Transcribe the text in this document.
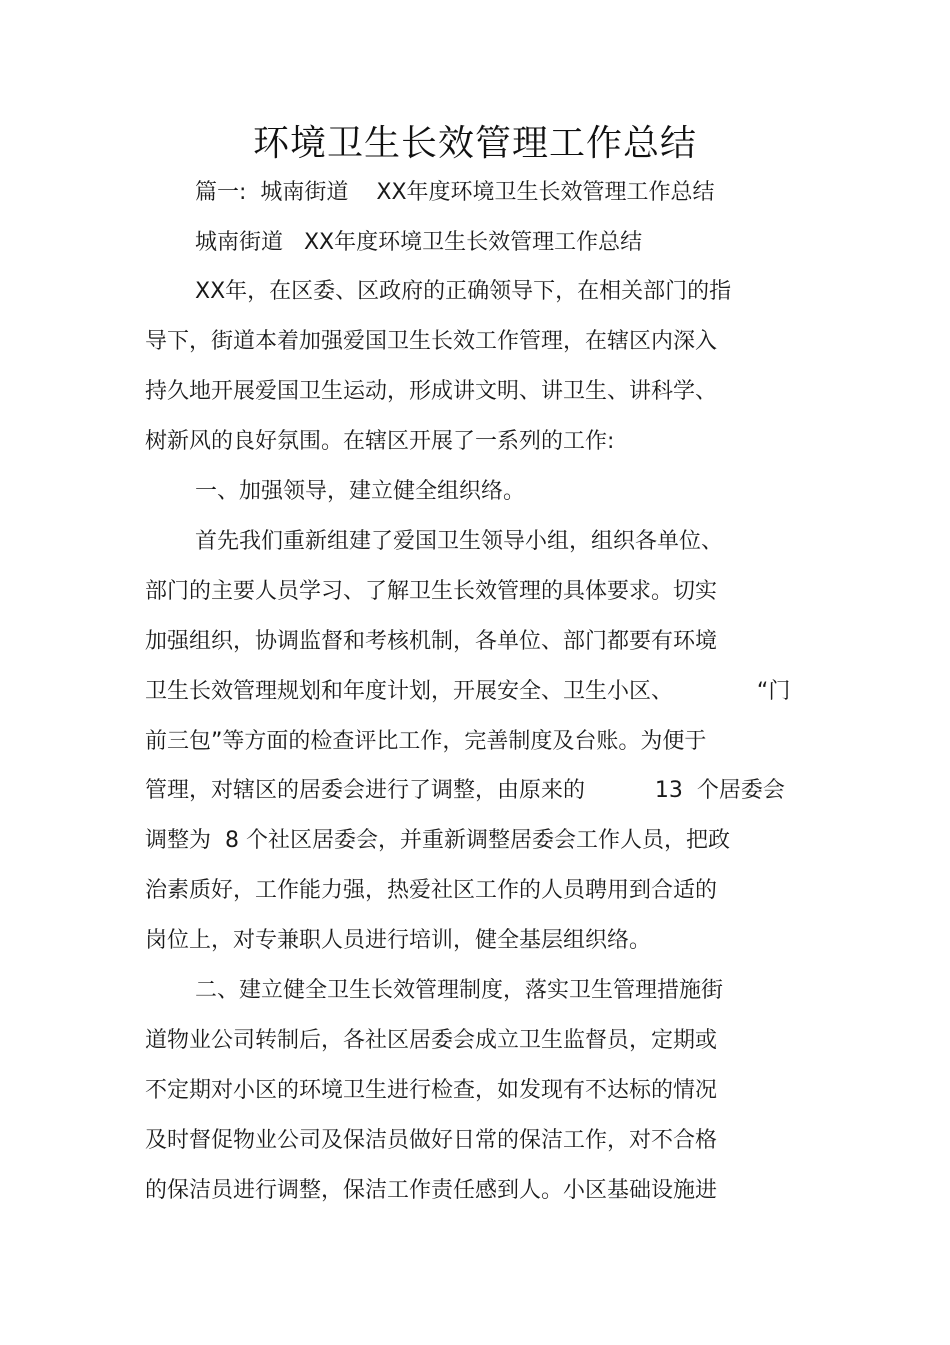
环境卫生长效管理工作总结
篇一:  城南街道    XX年度环境卫生长效管理工作总结
城南街道   XX年度环境卫生长效管理工作总结
XX年，在区委、区政府的正确领导下，在相关部门的指
导下，街道本着加强爱国卫生长效工作管理，在辖区内深入
持久地开展爱国卫生运动，形成讲文明、讲卫生、讲科学、
树新风的良好氛围。在辖区开展了一系列的工作:
一、加强领导，建立健全组织络。
首先我们重新组建了爱国卫生领导小组，组织各单位、
部门的主要人员学习、了解卫生长效管理的具体要求。切实
加强组织，协调监督和考核机制，各单位、部门都要有环境
卫生长效管理规划和年度计划，开展安全、卫生小区、            “门
前三包”等方面的检查评比工作，完善制度及台账。为便于
管理，对辖区的居委会进行了调整，由原来的          13  个居委会
调整为  8 个社区居委会，并重新调整居委会工作人员，把政
治素质好，工作能力强，热爱社区工作的人员聘用到合适的
岗位上，对专兼职人员进行培训，健全基层组织络。
二、建立健全卫生长效管理制度，落实卫生管理措施街
道物业公司转制后，各社区居委会成立卫生监督员，定期或
不定期对小区的环境卫生进行检查，如发现有不达标的情况
及时督促物业公司及保洁员做好日常的保洁工作，对不合格
的保洁员进行调整，保洁工作责任感到人。小区基础设施进
